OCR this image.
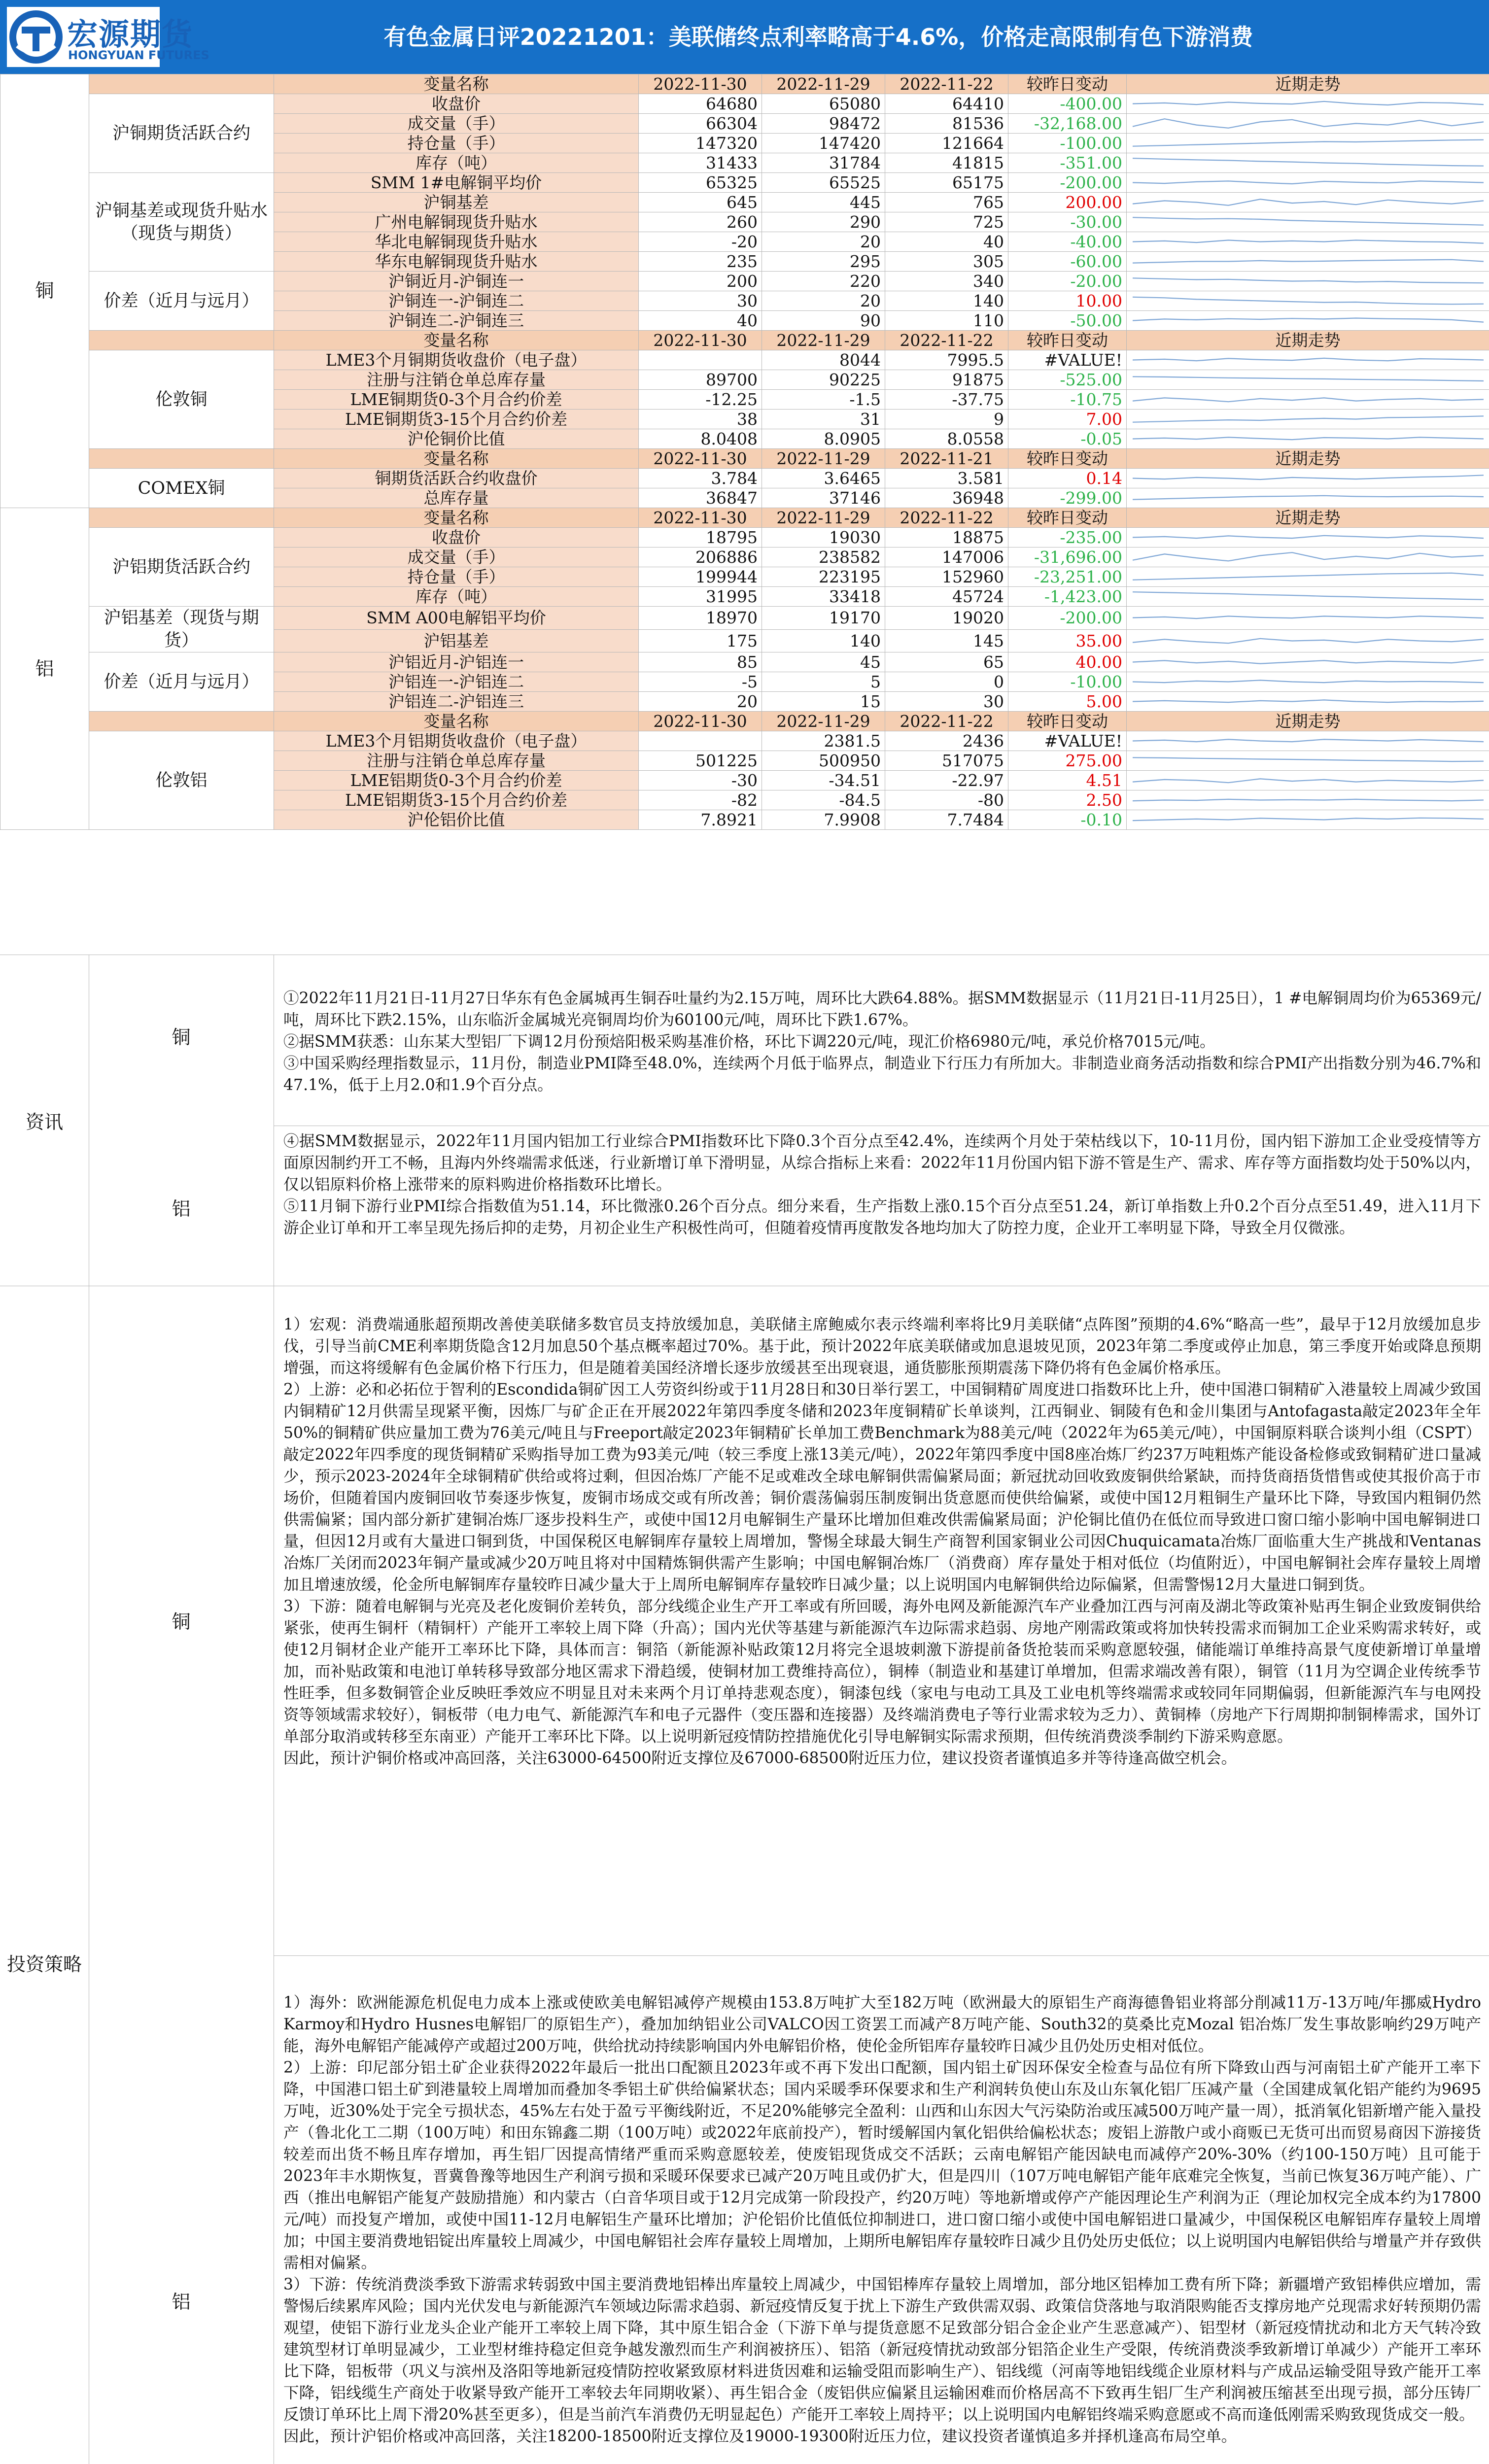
宏源期货
HONGYUAN FUTURES
有色金属日评20221201：美联储终点利率略高于4.6%，价格走高限制有色下游消费
铜		变量名称	2022-11-30	2022-11-29	2022-11-22	较昨日变动	近期走势
	沪铜期货活跃合约	收盘价	64680	65080	64410	-400.00	

		成交量（手）	66304	98472	81536	-32,168.00	

		持仓量（手）	147320	147420	121664	-100.00	

		库存（吨）	31433	31784	41815	-351.00	

	沪铜基差或现货升贴水（现货与期货）	SMM 1#电解铜平均价	65325	65525	65175	-200.00	

		沪铜基差	645	445	765	200.00	

		广州电解铜现货升贴水	260	290	725	-30.00	

		华北电解铜现货升贴水	-20	20	40	-40.00	

		华东电解铜现货升贴水	235	295	305	-60.00	

	价差（近月与远月）	沪铜近月-沪铜连一	200	220	340	-20.00	

		沪铜连一-沪铜连二	30	20	140	10.00	

		沪铜连二-沪铜连三	40	90	110	-50.00	

		变量名称	2022-11-30	2022-11-29	2022-11-22	较昨日变动	近期走势
	伦敦铜	LME3个月铜期货收盘价（电子盘）		8044	7995.5	#VALUE!	

		注册与注销仓单总库存量	89700	90225	91875	-525.00	

		LME铜期货0-3个月合约价差	-12.25	-1.5	-37.75	-10.75	

		LME铜期货3-15个月合约价差	38	31	9	7.00	

		沪伦铜价比值	8.0408	8.0905	8.0558	-0.05	

		变量名称	2022-11-30	2022-11-29	2022-11-21	较昨日变动	近期走势
	COMEX铜	铜期货活跃合约收盘价	3.784	3.6465	3.581	0.14	

		总库存量	36847	37146	36948	-299.00	

铝		变量名称	2022-11-30	2022-11-29	2022-11-22	较昨日变动	近期走势
	沪铝期货活跃合约	收盘价	18795	19030	18875	-235.00	

		成交量（手）	206886	238582	147006	-31,696.00	

		持仓量（手）	199944	223195	152960	-23,251.00	

		库存（吨）	31995	33418	45724	-1,423.00	

	沪铝基差（现货与期货）	SMM A00电解铝平均价	18970	19170	19020	-200.00	

		沪铝基差	175	140	145	35.00	

	价差（近月与远月）	沪铝近月-沪铝连一	85	45	65	40.00	

		沪铝连一-沪铝连二	-5	5	0	-10.00	

		沪铝连二-沪铝连三	20	15	30	5.00	

		变量名称	2022-11-30	2022-11-29	2022-11-22	较昨日变动	近期走势
	伦敦铝	LME3个月铝期货收盘价（电子盘）		2381.5	2436	#VALUE!	

		注册与注销仓单总库存量	501225	500950	517075	275.00	

		LME铝期货0-3个月合约价差	-30	-34.51	-22.97	4.51	

		LME铝期货3-15个月合约价差	-82	-84.5	-80	2.50	

		沪伦铝价比值	7.8921	7.9908	7.7484	-0.10	
资讯
铜
铝

①2022年11月21日-11月27日华东有色金属城再生铜吞吐量约为2.15万吨，周环比大跌64.88%。据SMM数据显示（11月21日-11月25日），1 #电解铜周均价为65369元/吨，周环比下跌2.15%，山东临沂金属城光亮铜周均价为60100元/吨，周环比下跌1.67%。

②据SMM获悉：山东某大型铝厂下调12月份预焙阳极采购基准价格，环比下调220元/吨，现汇价格6980元/吨，承兑价格7015元/吨。

③中国采购经理指数显示，11月份，制造业PMI降至48.0%，连续两个月低于临界点，制造业下行压力有所加大。非制造业商务活动指数和综合PMI产出指数分别为46.7%和47.1%，低于上月2.0和1.9个百分点。

④据SMM数据显示，2022年11月国内铝加工行业综合PMI指数环比下降0.3个百分点至42.4%，连续两个月处于荣枯线以下，10-11月份，国内铝下游加工企业受疫情等方面原因制约开工不畅，且海内外终端需求低迷，行业新增订单下滑明显，从综合指标上来看：2022年11月份国内铝下游不管是生产、需求、库存等方面指数均处于50%以内，仅以铝原料价格上涨带来的原料购进价格指数环比增长。

⑤11月铜下游行业PMI综合指数值为51.14，环比微涨0.26个百分点。细分来看，生产指数上涨0.15个百分点至51.24，新订单指数上升0.2个百分点至51.49，进入11月下游企业订单和开工率呈现先扬后抑的走势，月初企业生产积极性尚可，但随着疫情再度散发各地均加大了防控力度，企业开工率明显下降，导致全月仅微涨。

投资策略
铜
铝

1）宏观：消费端通胀超预期改善使美联储多数官员支持放缓加息，美联储主席鲍威尔表示终端利率将比9月美联储“点阵图”预期的4.6%“略高一些”，最早于12月放缓加息步伐，引导当前CME利率期货隐含12月加息50个基点概率超过70%。基于此，预计2022年底美联储或加息退坡见顶，2023年第二季度或停止加息，第三季度开始或降息预期增强，而这将缓解有色金属价格下行压力，但是随着美国经济增长逐步放缓甚至出现衰退，通货膨胀预期震荡下降仍将有色金属价格承压。

2）上游：必和必拓位于智利的Escondida铜矿因工人劳资纠纷或于11月28日和30日举行罢工，中国铜精矿周度进口指数环比上升，使中国港口铜精矿入港量较上周减少致国内铜精矿12月供需呈现紧平衡，因炼厂与矿企正在开展2022年第四季度冬储和2023年度铜精矿长单谈判，江西铜业、铜陵有色和金川集团与Antofagasta敲定2023年全年50%的铜精矿供应量加工费为76美元/吨且与Freeport敲定2023年铜精矿长单加工费Benchmark为88美元/吨（2022年为65美元/吨），中国铜原料联合谈判小组（CSPT）敲定2022年四季度的现货铜精矿采购指导加工费为93美元/吨（较三季度上涨13美元/吨），2022年第四季度中国8座冶炼厂约237万吨粗炼产能设备检修或致铜精矿进口量减少，预示2023-2024年全球铜精矿供给或将过剩，但因冶炼厂产能不足或难改全球电解铜供需偏紧局面；新冠扰动回收致废铜供给紧缺，而持货商捂货惜售或使其报价高于市场价，但随着国内废铜回收节奏逐步恢复，废铜市场成交或有所改善；铜价震荡偏弱压制废铜出货意愿而使供给偏紧，或使中国12月粗铜生产量环比下降，导致国内粗铜仍然供需偏紧；国内部分新扩建铜冶炼厂逐步投料生产，或使中国12月电解铜生产量环比增加但难改供需偏紧局面；沪伦铜比值仍在低位而导致进口窗口缩小影响中国电解铜进口量，但因12月或有大量进口铜到货，中国保税区电解铜库存量较上周增加，警惕全球最大铜生产商智利国家铜业公司因Chuquicamata冶炼厂面临重大生产挑战和Ventanas冶炼厂关闭而2023年铜产量或减少20万吨且将对中国精炼铜供需产生影响；中国电解铜冶炼厂（消费商）库存量处于相对低位（均值附近），中国电解铜社会库存量较上周增加且增速放缓，伦金所电解铜库存量较昨日减少量大于上周所电解铜库存量较昨日减少量；以上说明国内电解铜供给边际偏紧，但需警惕12月大量进口铜到货。

3）下游：随着电解铜与光亮及老化废铜价差转负，部分线缆企业生产开工率或有所回暖，海外电网及新能源汽车产业叠加江西与河南及湖北等政策补贴再生铜企业致废铜供给紧张，使再生铜杆（精铜杆）产能开工率较上周下降（升高）；国内光伏等基建与新能源汽车边际需求趋弱、房地产刚需政策或将加快转投需求而铜加工企业采购需求转好，或使12月铜材企业产能开工率环比下降，具体而言：铜箔（新能源补贴政策12月将完全退坡刺激下游提前备货抢装而采购意愿较强，储能端订单维持高景气度使新增订单量增加，而补贴政策和电池订单转移导致部分地区需求下滑趋缓，使铜材加工费维持高位），铜棒（制造业和基建订单增加，但需求端改善有限），铜管（11月为空调企业传统季节性旺季，但多数铜管企业反映旺季效应不明显且对未来两个月订单持悲观态度），铜漆包线（家电与电动工具及工业电机等终端需求或较同年同期偏弱，但新能源汽车与电网投资等领域需求较好），铜板带（电力电气、新能源汽车和电子元器件（变压器和连接器）及终端消费电子等行业需求较为乏力）、黄铜棒（房地产下行周期抑制铜棒需求，国外订单部分取消或转移至东南亚）产能开工率环比下降。以上说明新冠疫情防控措施优化引导电解铜实际需求预期，但传统消费淡季制约下游采购意愿。

因此，预计沪铜价格或冲高回落，关注63000-64500附近支撑位及67000-68500附近压力位，建议投资者谨慎追多并等待逢高做空机会。

1）海外：欧洲能源危机促电力成本上涨或使欧美电解铝减停产规模由153.8万吨扩大至182万吨（欧洲最大的原铝生产商海德鲁铝业将部分削减11万-13万吨/年挪威Hydro Karmoy和Hydro Husnes电解铝厂的原铝生产），叠加加纳铝业公司VALCO因工资罢工而减产8万吨产能、South32的莫桑比克Mozal 铝冶炼厂发生事故影响约29万吨产能，海外电解铝产能减停产或超过200万吨，供给扰动持续影响国内外电解铝价格，使伦金所铝库存量较昨日减少且仍处历史相对低位。

2）上游：印尼部分铝土矿企业获得2022年最后一批出口配额且2023年或不再下发出口配额，国内铝土矿因环保安全检查与品位有所下降致山西与河南铝土矿产能开工率下降，中国港口铝土矿到港量较上周增加而叠加冬季铝土矿供给偏紧状态；国内采暖季环保要求和生产利润转负使山东及山东氧化铝厂压减产量（全国建成氧化铝产能约为9695万吨，近30%处于完全亏损状态，45%左右处于盈亏平衡线附近，不足20%能够完全盈利：山西和山东因大气污染防治或压减500万吨产量一周），抵消氧化铝新增产能入量投产（鲁北化工二期（100万吨）和田东锦鑫二期（100万吨）或2022年底前投产），暂时缓解国内氧化铝供给偏松状态；废铝上游散户或小商贩已无货可出而贸易商因下游接货较差而出货不畅且库存增加，再生铝厂因提高情绪严重而采购意愿较差，使废铝现货成交不活跃；云南电解铝产能因缺电而减停产20%-30%（约100-150万吨）且可能于2023年丰水期恢复，晋冀鲁豫等地因生产利润亏损和采暖环保要求已减产20万吨且或仍扩大，但是四川（107万吨电解铝产能年底难完全恢复，当前已恢复36万吨产能）、广西（推出电解铝产能复产鼓励措施）和内蒙古（白音华项目或于12月完成第一阶段投产，约20万吨）等地新增或停产产能因理论生产利润为正（理论加权完全成本约为17800元/吨）而投复产增加，或使中国11-12月电解铝生产量环比增加；沪伦铝价比值低位抑制进口，进口窗口缩小或使中国电解铝进口量减少，中国保税区电解铝库存量较上周增加；中国主要消费地铝锭出库量较上周减少，中国电解铝社会库存量较上周增加，上期所电解铝库存量较昨日减少且仍处历史低位；以上说明国内电解铝供给与增量产并存致供需相对偏紧。

3）下游：传统消费淡季致下游需求转弱致中国主要消费地铝棒出库量较上周减少，中国铝棒库存量较上周增加，部分地区铝棒加工费有所下降；新疆增产致铝棒供应增加，需警惕后续累库风险；国内光伏发电与新能源汽车领域边际需求趋弱、新冠疫情反复于扰上下游生产致供需双弱、政策信贷落地与取消限购能否支撑房地产兑现需求好转预期仍需观望，使铝下游行业龙头企业产能开工率较上周下降，其中原生铝合金（下游下单与提货意愿不足致部分铝合金企业产生恶意减产）、铝型材（新冠疫情扰动和北方天气转冷致建筑型材订单明显减少，工业型材维持稳定但竞争越发激烈而生产利润被挤压）、铝箔（新冠疫情扰动致部分铝箔企业生产受限，传统消费淡季致新增订单减少）产能开工率环比下降，铝板带（巩义与滨州及洛阳等地新冠疫情防控收紧致原材料进货因难和运输受阻而影响生产）、铝线缆（河南等地铝线缆企业原材料与产成品运输受阻导致产能开工率下降，铝线缆生产商处于收紧导致产能开工率较去年同期收紧）、再生铝合金（废铝供应偏紧且运输困难而价格居高不下致再生铝厂生产利润被压缩甚至出现亏损，部分压铸厂反馈订单环比上周下滑20%甚至更多），但是当前汽车消费仍无明显起色）产能开工率较上周持平；以上说明国内电解铝终端采购意愿或不高而逢低刚需采购致现货成交一般。

因此，预计沪铝价格或冲高回落，关注18200-18500附近支撑位及19000-19300附近压力位，建议投资者谨慎追多并择机逢高布局空单。
